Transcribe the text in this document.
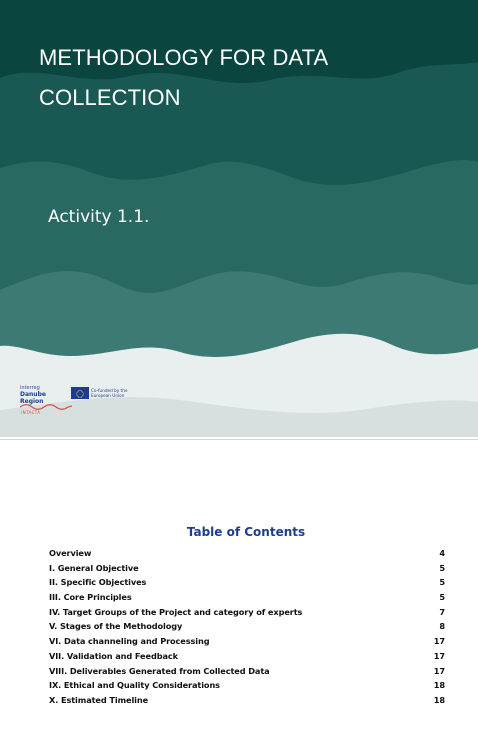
METHODOLOGY FOR DATA COLLECTION
Activity 1.1.
interreg
Danube Region
Co-funded by the European Union
INTACTA
Table of Contents
Overview	4
I. General Objective	5
II. Specific Objectives	5
III. Core Principles	5
IV. Target Groups of the Project and category of experts	7
V. Stages of the Methodology	8
VI. Data channeling and Processing	17
VII. Validation and Feedback	17
VIII. Deliverables Generated from Collected Data	17
IX. Ethical and Quality Considerations	18
X. Estimated Timeline	18
